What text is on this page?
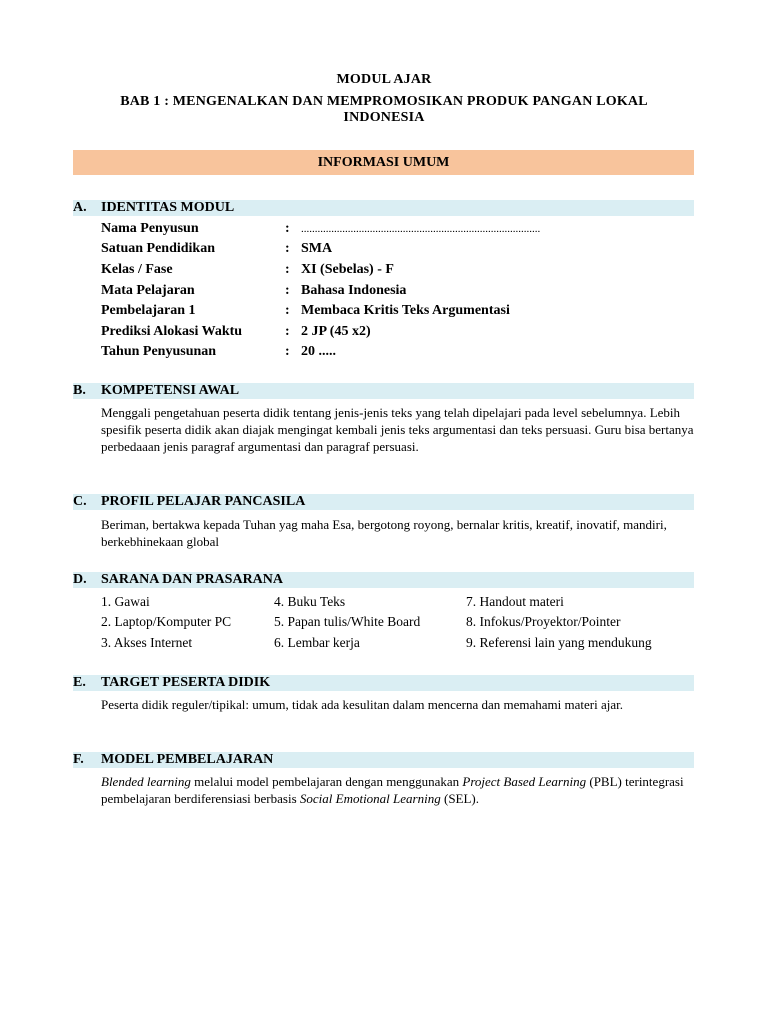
MODUL AJAR
BAB 1 : MENGENALKAN DAN MEMPROMOSIKAN PRODUK PANGAN LOKAL
INDONESIA
INFORMASI UMUM
A. IDENTITAS MODUL
Nama Penyusun	: .......................................................................................
Satuan Pendidikan	: SMA
Kelas / Fase	: XI (Sebelas) - F
Mata Pelajaran	: Bahasa Indonesia
Pembelajaran 1	: Membaca Kritis Teks Argumentasi
Prediksi Alokasi Waktu	: 2 JP (45 x2)
Tahun Penyusunan	: 20 .....
B. KOMPETENSI AWAL
Menggali pengetahuan peserta didik tentang jenis-jenis teks yang telah dipelajari pada level sebelumnya. Lebih spesifik peserta didik akan diajak mengingat kembali jenis teks argumentasi dan teks persuasi. Guru bisa bertanya perbedaaan jenis paragraf argumentasi dan paragraf persuasi.
C. PROFIL PELAJAR PANCASILA
Beriman, bertakwa kepada Tuhan yag maha Esa, bergotong royong, bernalar kritis, kreatif, inovatif, mandiri, berkebhinekaan global
D. SARANA DAN PRASARANA
1. Gawai
2. Laptop/Komputer PC
3. Akses Internet
4. Buku Teks
5. Papan tulis/White Board
6. Lembar kerja
7. Handout materi
8. Infokus/Proyektor/Pointer
9. Referensi lain yang mendukung
E. TARGET PESERTA DIDIK
Peserta didik reguler/tipikal: umum, tidak ada kesulitan dalam mencerna dan memahami materi ajar.
F. MODEL PEMBELAJARAN
Blended learning melalui model pembelajaran dengan menggunakan Project Based Learning (PBL) terintegrasi pembelajaran berdiferensiasi berbasis Social Emotional Learning (SEL).
